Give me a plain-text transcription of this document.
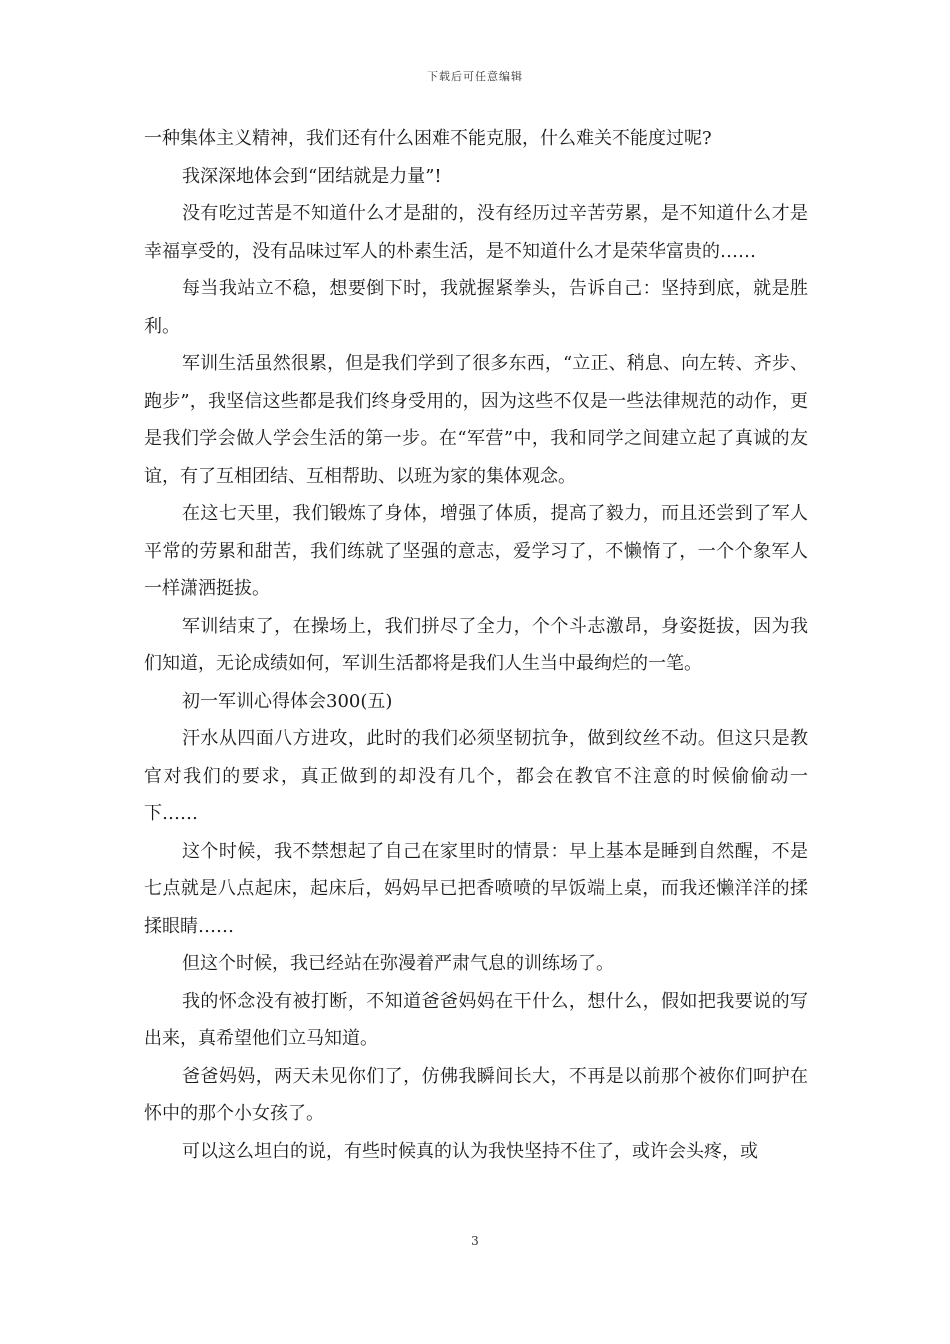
下载后可任意编辑

一种集体主义精神，我们还有什么困难不能克服，什么难关不能度过呢?

我深深地体会到“团结就是力量”!

没有吃过苦是不知道什么才是甜的，没有经历过辛苦劳累，是不知道什么才是幸福享受的，没有品味过军人的朴素生活，是不知道什么才是荣华富贵的……

每当我站立不稳，想要倒下时，我就握紧拳头，告诉自己：坚持到底，就是胜利。

军训生活虽然很累，但是我们学到了很多东西，“立正、稍息、向左转、齐步、跑步”，我坚信这些都是我们终身受用的，因为这些不仅是一些法律规范的动作，更是我们学会做人学会生活的第一步。在“军营”中，我和同学之间建立起了真诚的友谊，有了互相团结、互相帮助、以班为家的集体观念。

在这七天里，我们锻炼了身体，增强了体质，提高了毅力，而且还尝到了军人平常的劳累和甜苦，我们练就了坚强的意志，爱学习了，不懒惰了，一个个象军人一样潇洒挺拔。

军训结束了，在操场上，我们拼尽了全力，个个斗志激昂，身姿挺拔，因为我们知道，无论成绩如何，军训生活都将是我们人生当中最绚烂的一笔。

初一军训心得体会300(五)

汗水从四面八方进攻，此时的我们必须坚韧抗争，做到纹丝不动。但这只是教官对我们的要求，真正做到的却没有几个，都会在教官不注意的时候偷偷动一下……

这个时候，我不禁想起了自己在家里时的情景：早上基本是睡到自然醒，不是七点就是八点起床，起床后，妈妈早已把香喷喷的早饭端上桌，而我还懒洋洋的揉揉眼睛……

但这个时候，我已经站在弥漫着严肃气息的训练场了。

我的怀念没有被打断，不知道爸爸妈妈在干什么，想什么，假如把我要说的写出来，真希望他们立马知道。

爸爸妈妈，两天未见你们了，仿佛我瞬间长大，不再是以前那个被你们呵护在怀中的那个小女孩了。

可以这么坦白的说，有些时候真的认为我快坚持不住了，或许会头疼，或

3
